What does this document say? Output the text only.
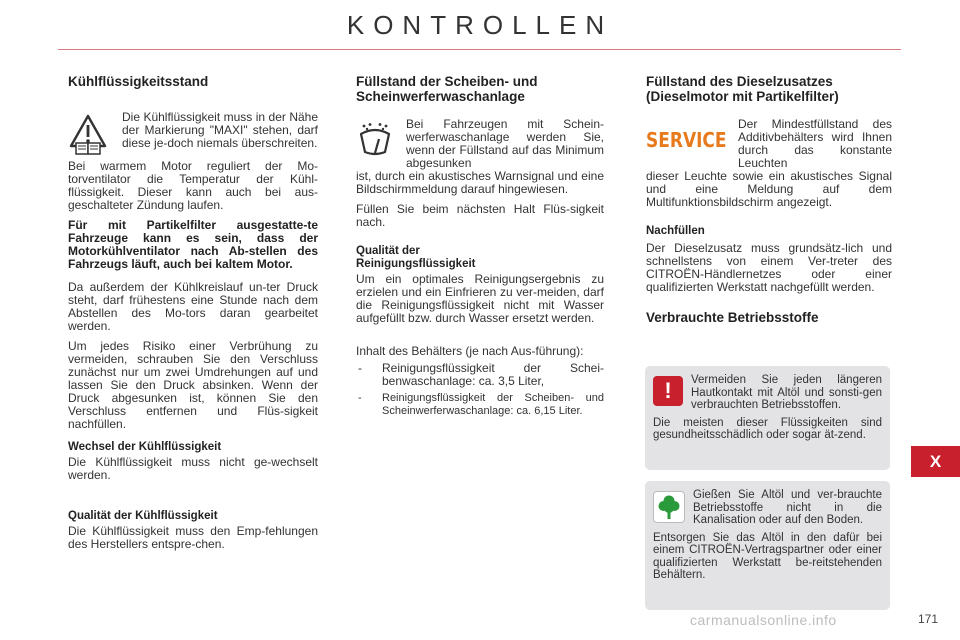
KONTROLLEN
Kühlflüssigkeitsstand

Die Kühlflüssigkeit muss in der Nähe der Markierung "MAXI" stehen, darf diese je-doch niemals überschreiten.

Bei warmem Motor reguliert der Mo-torventilator die Temperatur der Kühl-flüssigkeit. Dieser kann auch bei aus-geschalteter Zündung laufen.

Für mit Partikelfilter ausgestatte-te Fahrzeuge kann es sein, dass der Motorkühlventilator nach Ab-stellen des Fahrzeugs läuft, auch bei kaltem Motor.

Da außerdem der Kühlkreislauf un-ter Druck steht, darf frühestens eine Stunde nach dem Abstellen des Mo-tors daran gearbeitet werden.

Um jedes Risiko einer Verbrühung zu vermeiden, schrauben Sie den Verschluss zunächst nur um zwei Umdrehungen auf und lassen Sie den Druck absinken. Wenn der Druck abgesunken ist, können Sie den Verschluss entfernen und Flüs-sigkeit nachfüllen.

Wechsel der Kühlflüssigkeit

Die Kühlflüssigkeit muss nicht ge-wechselt werden.

Qualität der Kühlflüssigkeit

Die Kühlflüssigkeit muss den Emp-fehlungen des Herstellers entspre-chen.

Füllstand der Scheiben- und Scheinwerferwaschanlage

Bei Fahrzeugen mit Schein-werferwaschanlage werden Sie, wenn der Füllstand auf das Minimum abgesunken

ist, durch ein akustisches Warnsignal und eine Bildschirmmeldung darauf hingewiesen.

Füllen Sie beim nächsten Halt Flüs-sigkeit nach.

Qualität der Reinigungsflüssigkeit

Um ein optimales Reinigungsergebnis zu erzielen und ein Einfrieren zu ver-meiden, darf die Reinigungsflüssigkeit nicht mit Wasser aufgefüllt bzw. durch Wasser ersetzt werden.

Inhalt des Behälters (je nach Aus-führung):

- Reinigungsflüssigkeit der Schei-benwaschanlage: ca. 3,5 Liter,
- Reinigungsflüssigkeit der Scheiben- und Scheinwerferwaschanlage: ca. 6,15 Liter.
Füllstand des Dieselzusatzes (Dieselmotor mit Partikelfilter)
SERVICE

Der Mindestfüllstand des Additivbehälters wird Ihnen durch das konstante Leuchten

dieser Leuchte sowie ein akustisches Signal und eine Meldung auf dem Multifunktionsbildschirm angezeigt.

Nachfüllen

Der Dieselzusatz muss grundsätz-lich und schnellstens von einem Ver-treter des CITROËN-Händlernetzes oder einer qualifizierten Werkstatt nachgefüllt werden.

Verbrauchte Betriebsstoffe
!	Vermeiden Sie jeden längeren Hautkontakt mit Altöl und sonsti-gen verbrauchten Betriebsstoffen.

Die meisten dieser Flüssigkeiten sind gesundheitsschädlich oder sogar ät-zend.

Gießen Sie Altöl und ver-brauchte Betriebsstoffe nicht in die Kanalisation oder auf den Boden.

Entsorgen Sie das Altöl in den dafür bei einem CITROËN-Vertragspartner oder einer qualifizierten Werkstatt be-reitstehenden Behältern.

X
carmanualsonline.info	171
